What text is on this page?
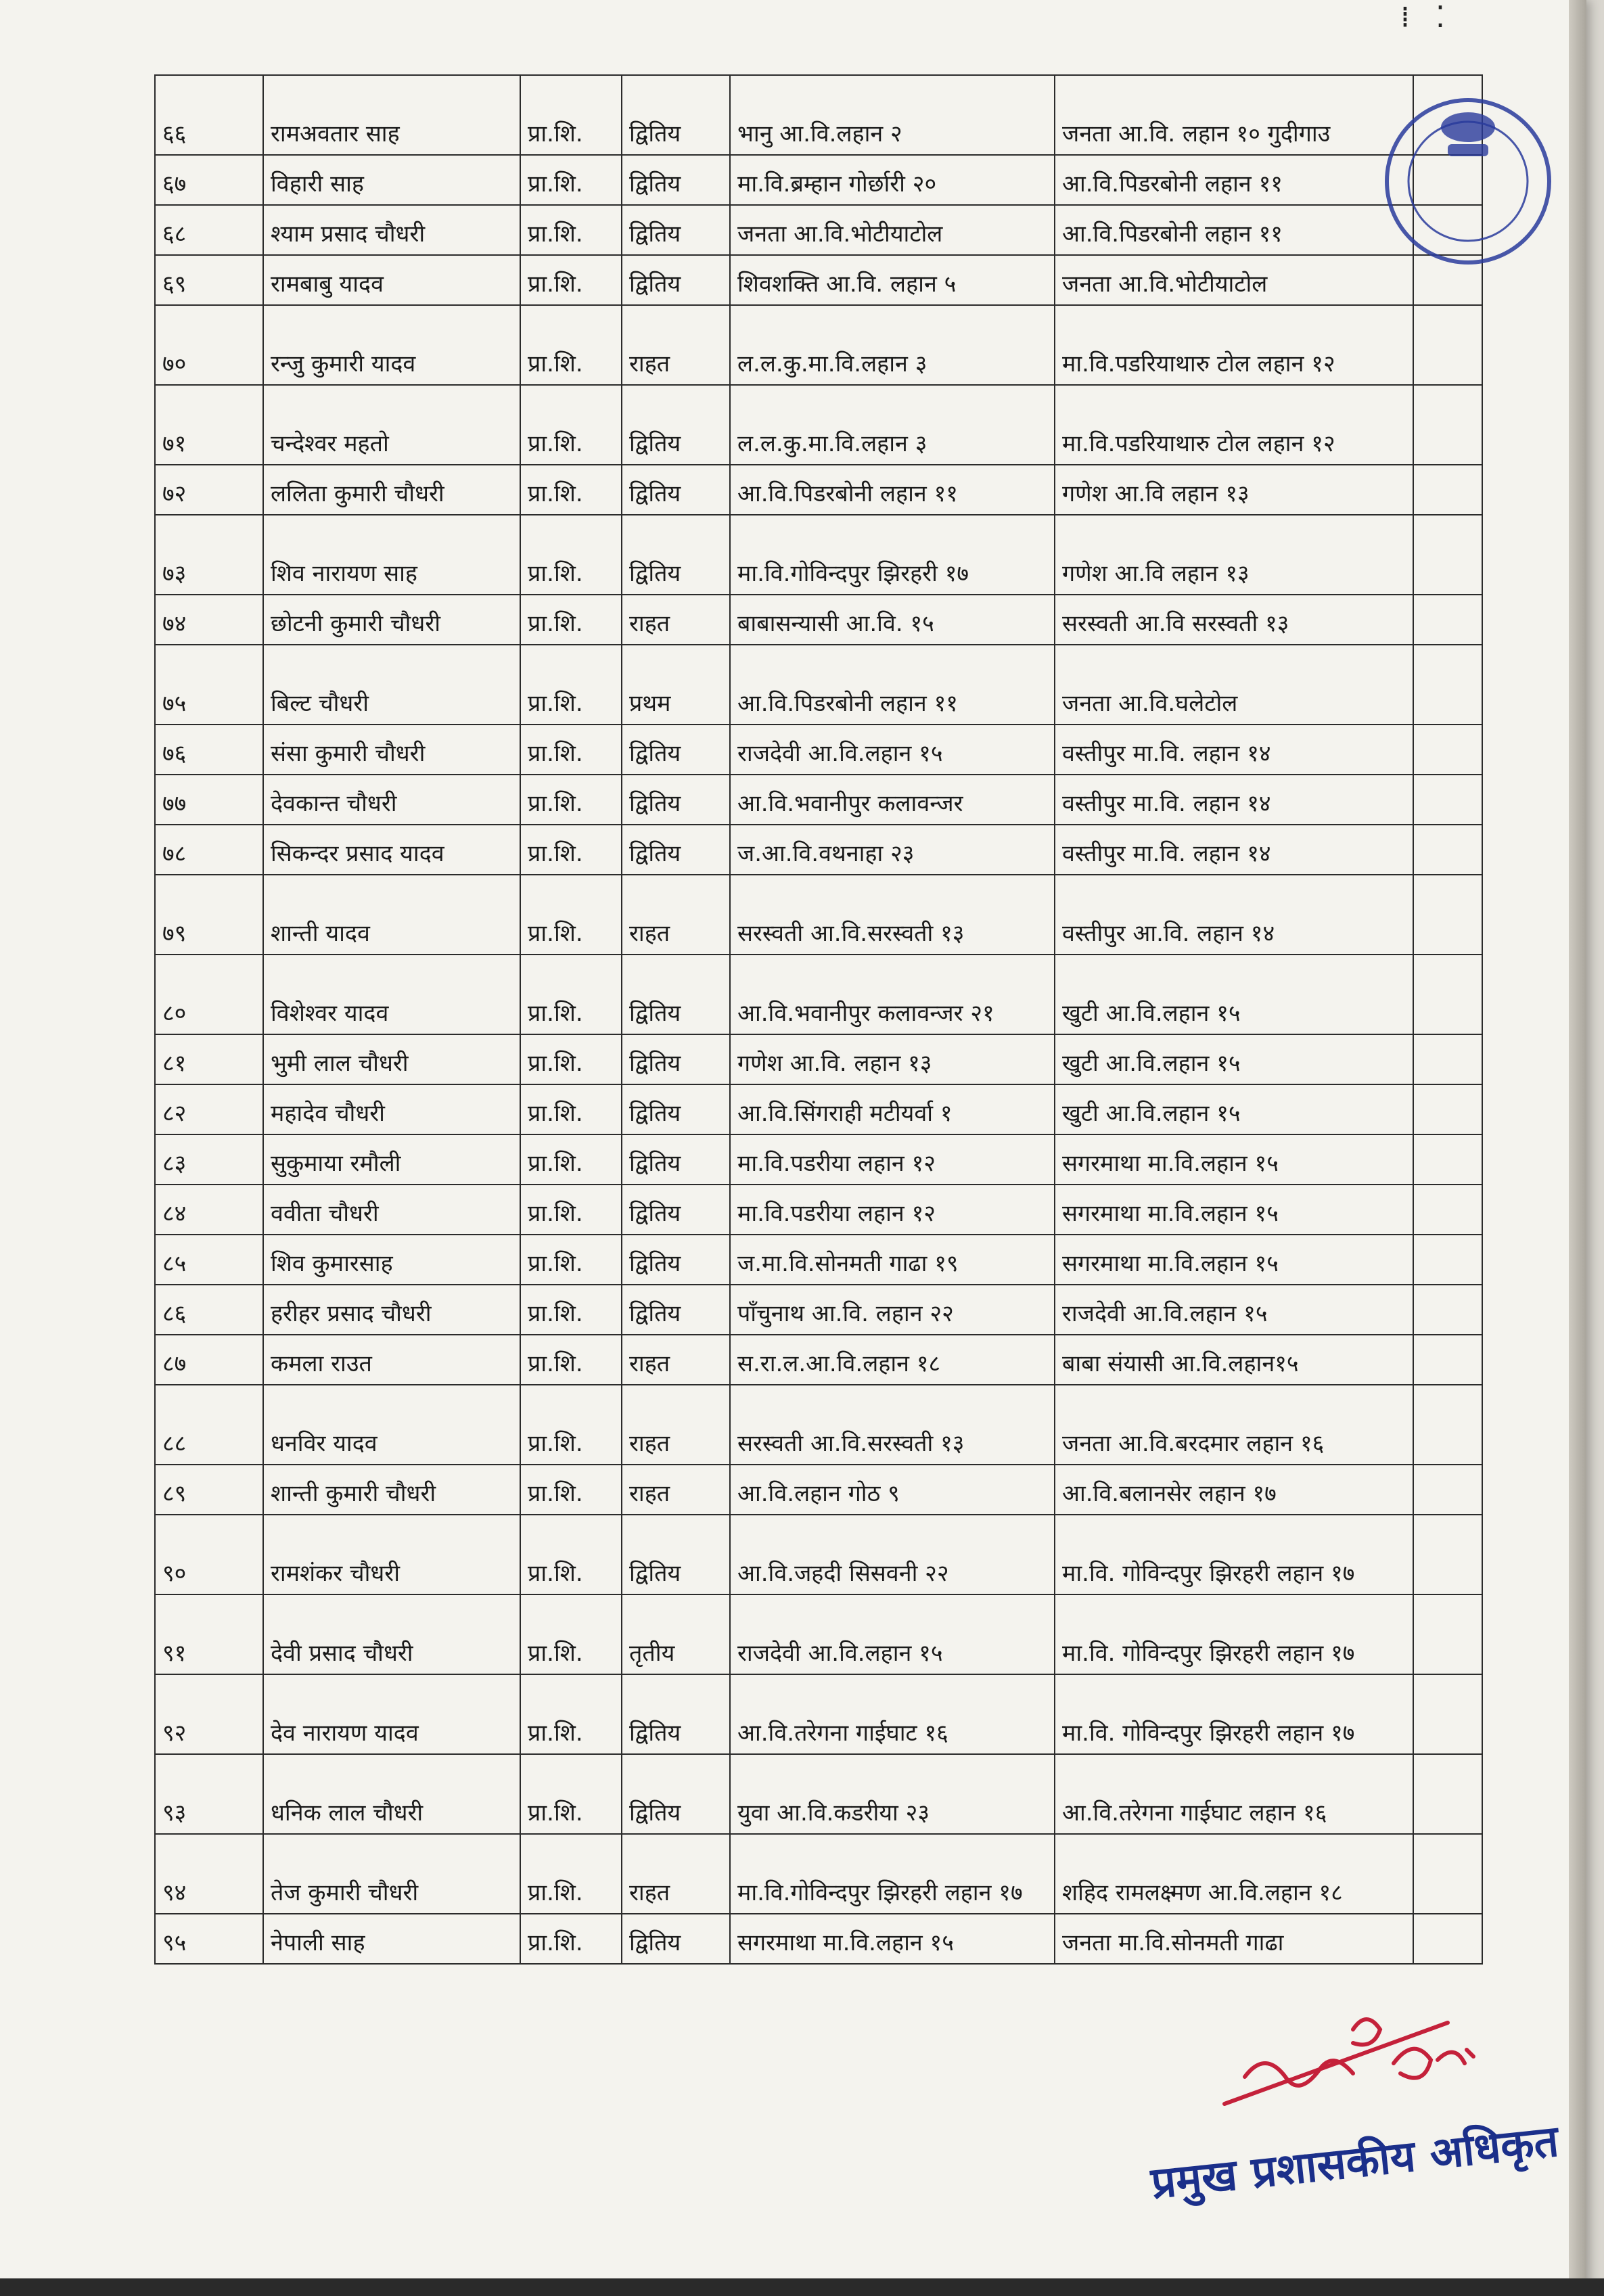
⁞ ⁚
६६	रामअवतार साह	प्रा.शि.	द्वितिय	भानु आ.वि.लहान २	जनता आ.वि. लहान १० गुदीगाउ	
६७	विहारी साह	प्रा.शि.	द्वितिय	मा.वि.ब्रम्हान गोर्छारी २०	आ.वि.पिडरबोनी लहान ११	
६८	श्याम प्रसाद चौधरी	प्रा.शि.	द्वितिय	जनता आ.वि.भोटीयाटोल	आ.वि.पिडरबोनी लहान ११	
६९	रामबाबु यादव	प्रा.शि.	द्वितिय	शिवशक्ति आ.वि. लहान ५	जनता आ.वि.भोटीयाटोल	
७०	रन्जु कुमारी यादव	प्रा.शि.	राहत	ल.ल.कु.मा.वि.लहान ३	मा.वि.पडरियाथारु टोल लहान १२	
७१	चन्देश्वर महतो	प्रा.शि.	द्वितिय	ल.ल.कु.मा.वि.लहान ३	मा.वि.पडरियाथारु टोल लहान १२	
७२	ललिता कुमारी चौधरी	प्रा.शि.	द्वितिय	आ.वि.पिडरबोनी लहान ११	गणेश आ.वि लहान १३	
७३	शिव नारायण साह	प्रा.शि.	द्वितिय	मा.वि.गोविन्दपुर झिरहरी १७	गणेश आ.वि लहान १३	
७४	छोटनी कुमारी चौधरी	प्रा.शि.	राहत	बाबासन्यासी आ.वि. १५	सरस्वती आ.वि सरस्वती १३	
७५	बिल्ट चौधरी	प्रा.शि.	प्रथम	आ.वि.पिडरबोनी लहान ११	जनता आ.वि.घलेटोल	
७६	संसा कुमारी चौधरी	प्रा.शि.	द्वितिय	राजदेवी आ.वि.लहान १५	वस्तीपुर मा.वि. लहान १४	
७७	देवकान्त चौधरी	प्रा.शि.	द्वितिय	आ.वि.भवानीपुर कलावन्जर	वस्तीपुर मा.वि. लहान १४	
७८	सिकन्दर प्रसाद यादव	प्रा.शि.	द्वितिय	ज.आ.वि.वथनाहा २३	वस्तीपुर मा.वि. लहान १४	
७९	शान्ती यादव	प्रा.शि.	राहत	सरस्वती आ.वि.सरस्वती १३	वस्तीपुर आ.वि. लहान १४	
८०	विशेश्वर यादव	प्रा.शि.	द्वितिय	आ.वि.भवानीपुर कलावन्जर २१	खुटी आ.वि.लहान १५	
८१	भुमी लाल चौधरी	प्रा.शि.	द्वितिय	गणेश आ.वि. लहान १३	खुटी आ.वि.लहान १५	
८२	महादेव चौधरी	प्रा.शि.	द्वितिय	आ.वि.सिंगराही मटीयर्वा १	खुटी आ.वि.लहान १५	
८३	सुकुमाया रमौली	प्रा.शि.	द्वितिय	मा.वि.पडरीया लहान १२	सगरमाथा मा.वि.लहान १५	
८४	ववीता चौधरी	प्रा.शि.	द्वितिय	मा.वि.पडरीया लहान १२	सगरमाथा मा.वि.लहान १५	
८५	शिव कुमारसाह	प्रा.शि.	द्वितिय	ज.मा.वि.सोनमती गाढा १९	सगरमाथा मा.वि.लहान १५	
८६	हरीहर प्रसाद चौधरी	प्रा.शि.	द्वितिय	पाँचुनाथ आ.वि. लहान २२	राजदेवी आ.वि.लहान १५	
८७	कमला राउत	प्रा.शि.	राहत	स.रा.ल.आ.वि.लहान १८	बाबा संयासी आ.वि.लहान१५	
८८	धनविर यादव	प्रा.शि.	राहत	सरस्वती आ.वि.सरस्वती १३	जनता आ.वि.बरदमार लहान १६	
८९	शान्ती कुमारी चौधरी	प्रा.शि.	राहत	आ.वि.लहान गोठ ९	आ.वि.बलानसेर लहान १७	
९०	रामशंकर चौधरी	प्रा.शि.	द्वितिय	आ.वि.जहदी सिसवनी २२	मा.वि. गोविन्दपुर झिरहरी लहान १७	
९१	देवी प्रसाद चौधरी	प्रा.शि.	तृतीय	राजदेवी आ.वि.लहान १५	मा.वि. गोविन्दपुर झिरहरी लहान १७	
९२	देव नारायण यादव	प्रा.शि.	द्वितिय	आ.वि.तरेगना गाईघाट १६	मा.वि. गोविन्दपुर झिरहरी लहान १७	
९३	धनिक लाल चौधरी	प्रा.शि.	द्वितिय	युवा आ.वि.कडरीया २३	आ.वि.तरेगना गाईघाट लहान १६	
९४	तेज कुमारी चौधरी	प्रा.शि.	राहत	मा.वि.गोविन्दपुर झिरहरी लहान १७	शहिद रामलक्ष्मण आ.वि.लहान १८	
९५	नेपाली साह	प्रा.शि.	द्वितिय	सगरमाथा मा.वि.लहान १५	जनता मा.वि.सोनमती गाढा	
प्रमुख प्रशासकीय अधिकृत
